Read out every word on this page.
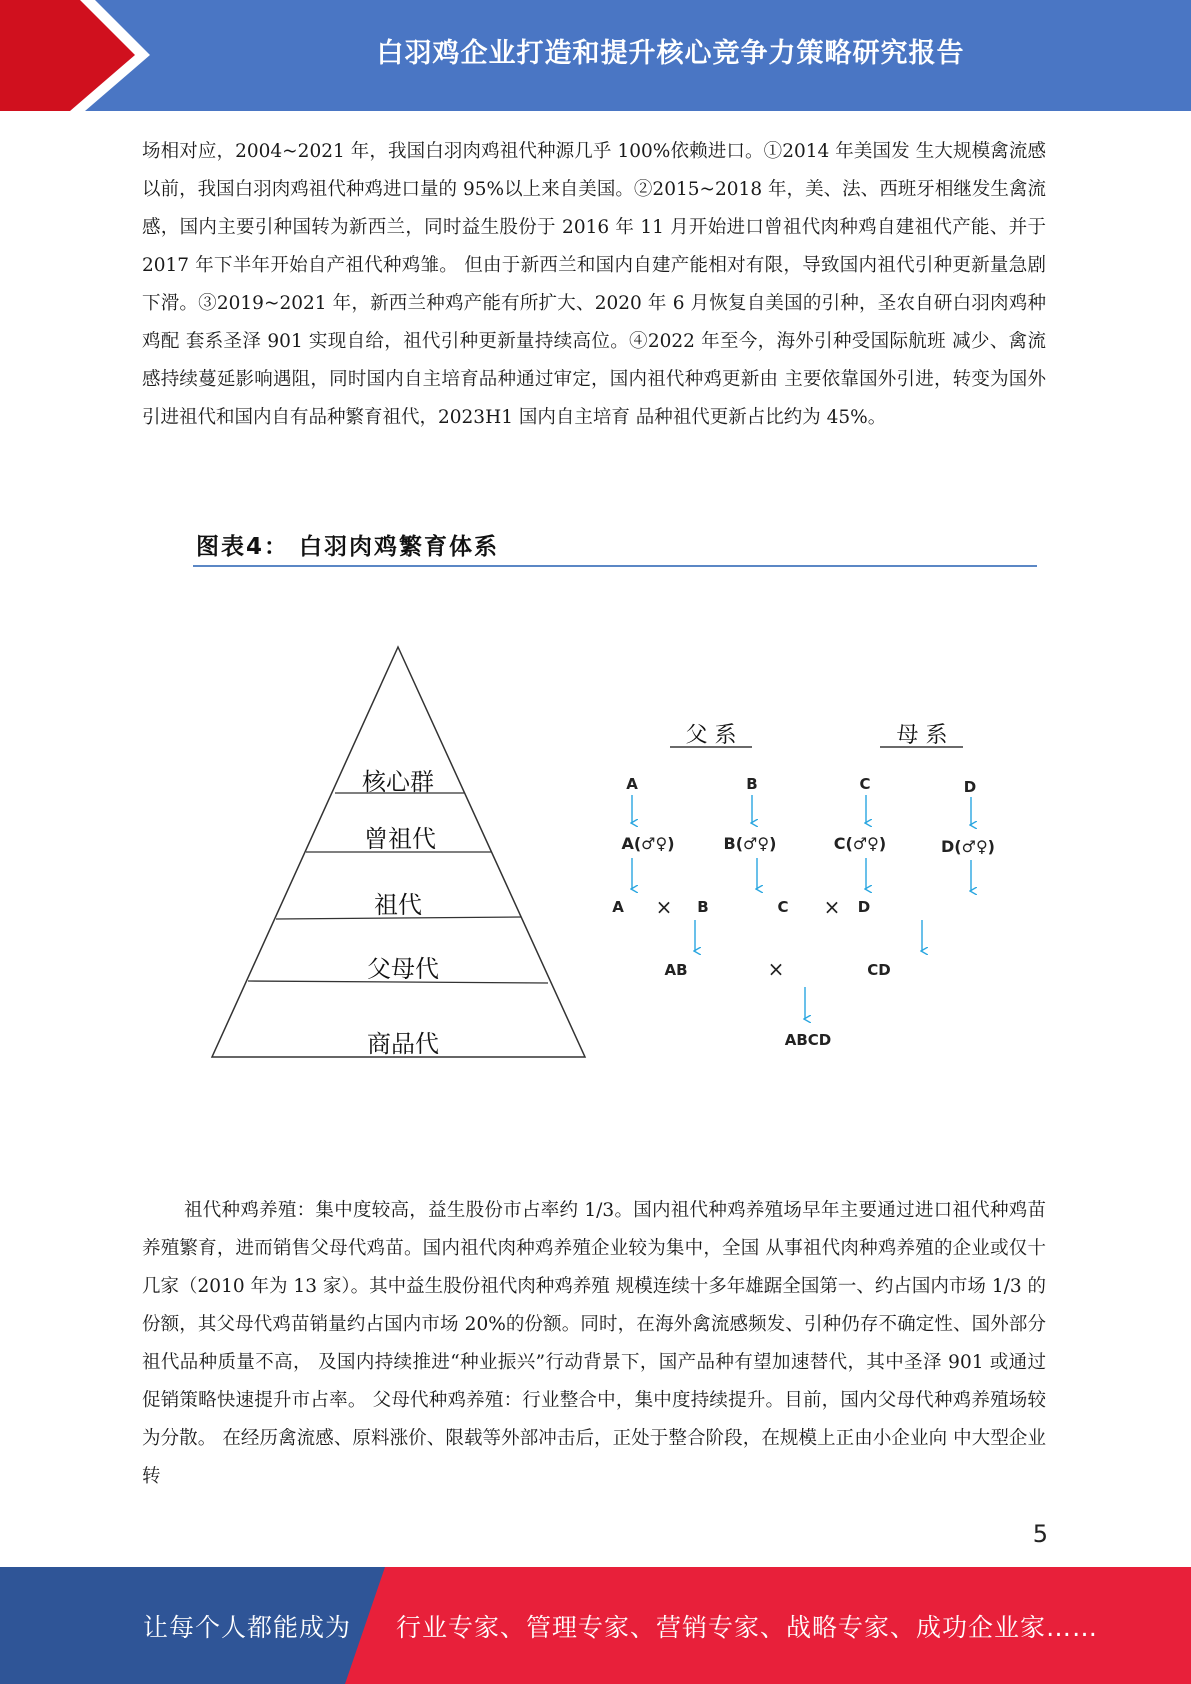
白羽鸡企业打造和提升核心竞争力策略研究报告

场相对应，2004~2021 年，我国白羽肉鸡祖代种源几乎 100%依赖进口。①2014 年美国发 生大规模禽流感以前，我国白羽肉鸡祖代种鸡进口量的 95%以上来自美国。②2015~2018 年，美、法、西班牙相继发生禽流感，国内主要引种国转为新西兰，同时益生股份于 2016 年 11 月开始进口曾祖代肉种鸡自建祖代产能、并于 2017 年下半年开始自产祖代种鸡雏。 但由于新西兰和国内自建产能相对有限，导致国内祖代引种更新量急剧下滑。③2019~2021 年，新西兰种鸡产能有所扩大、2020 年 6 月恢复自美国的引种，圣农自研白羽肉鸡种鸡配 套系圣泽 901 实现自给，祖代引种更新量持续高位。④2022 年至今，海外引种受国际航班 减少、禽流感持续蔓延影响遇阻，同时国内自主培育品种通过审定，国内祖代种鸡更新由 主要依靠国外引进，转变为国外引进祖代和国内自有品种繁育祖代，2023H1 国内自主培育 品种祖代更新占比约为 45%。

图表4： 白羽肉鸡繁育体系
核心群
曾祖代
祖代
父母代
商品代
父 系	母 系
A	B	C	D
A(♂♀)	B(♂♀)	C(♂♀)	D(♂♀)
A × B	C × D
AB	×	CD
ABCD

祖代种鸡养殖：集中度较高，益生股份市占率约 1/3。国内祖代种鸡养殖场早年主要通过进口祖代种鸡苗养殖繁育，进而销售父母代鸡苗。国内祖代肉种鸡养殖企业较为集中，全国 从事祖代肉种鸡养殖的企业或仅十几家（2010 年为 13 家）。其中益生股份祖代肉种鸡养殖 规模连续十多年雄踞全国第一、约占国内市场 1/3 的份额，其父母代鸡苗销量约占国内市场 20%的份额。同时，在海外禽流感频发、引种仍存不确定性、国外部分祖代品种质量不高， 及国内持续推进“种业振兴”行动背景下，国产品种有望加速替代，其中圣泽 901 或通过 促销策略快速提升市占率。 父母代种鸡养殖：行业整合中，集中度持续提升。目前，国内父母代种鸡养殖场较为分散。 在经历禽流感、原料涨价、限载等外部冲击后，正处于整合阶段，在规模上正由小企业向 中大型企业转

5
让每个人都能成为 行业专家、管理专家、营销专家、战略专家、成功企业家……
